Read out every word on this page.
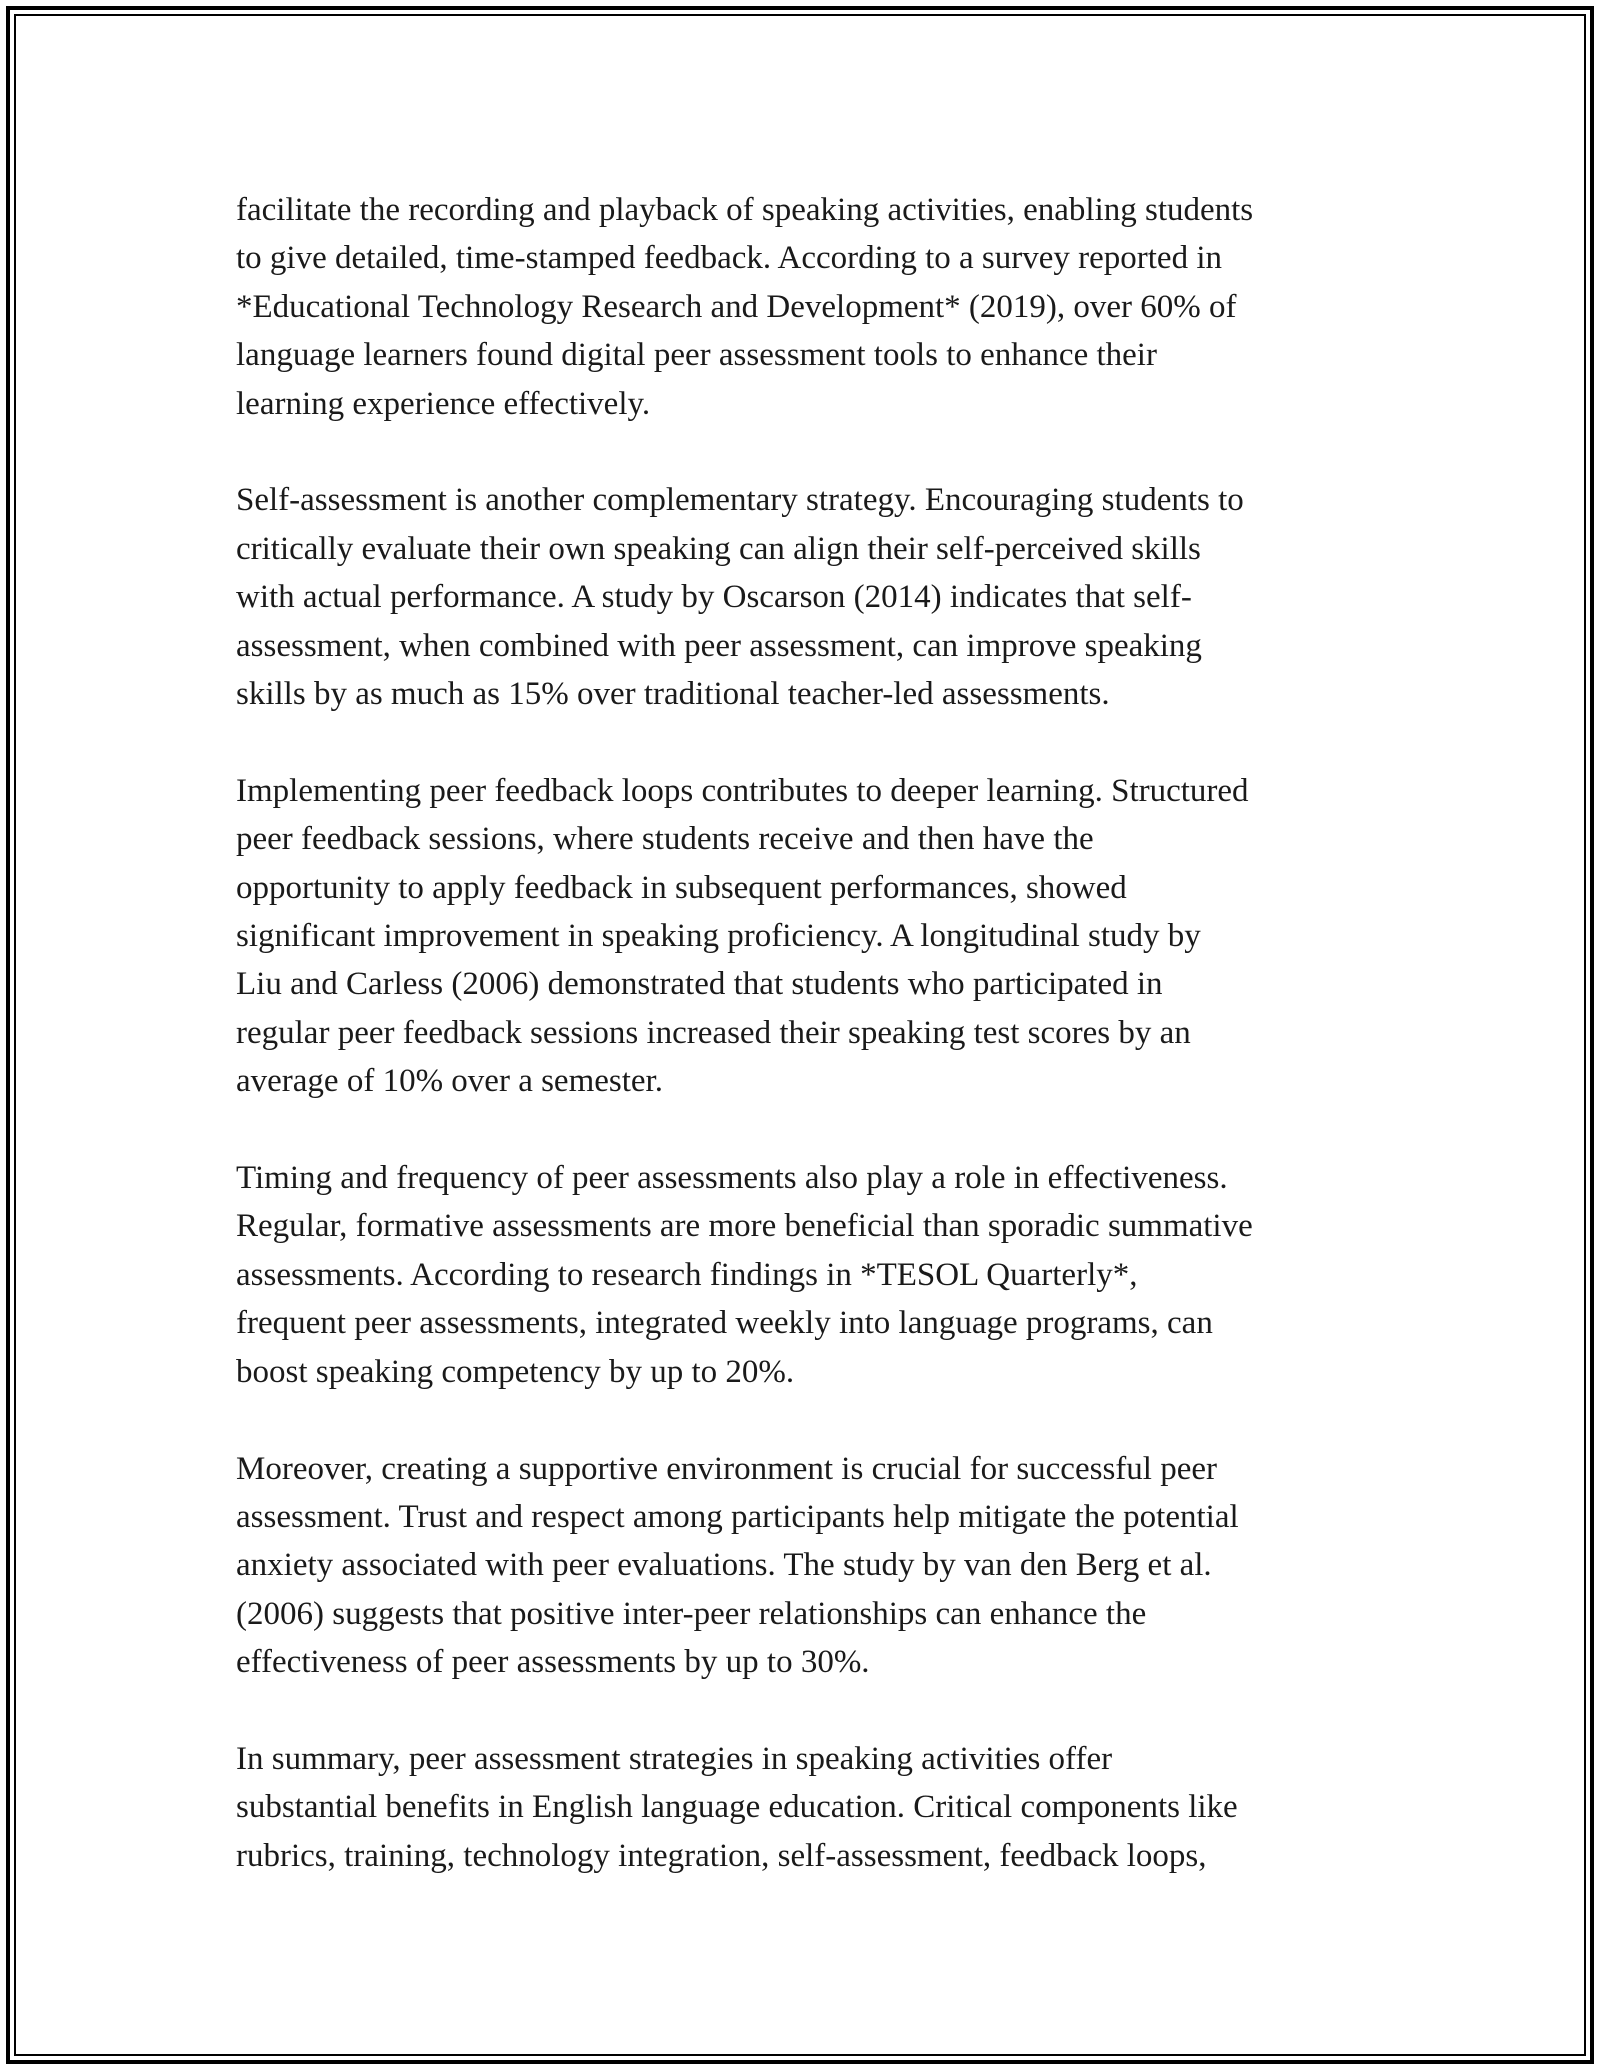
facilitate the recording and playback of speaking activities, enabling students
to give detailed, time-stamped feedback. According to a survey reported in
*Educational Technology Research and Development* (2019), over 60% of
language learners found digital peer assessment tools to enhance their
learning experience effectively.

Self-assessment is another complementary strategy. Encouraging students to
critically evaluate their own speaking can align their self-perceived skills
with actual performance. A study by Oscarson (2014) indicates that self-
assessment, when combined with peer assessment, can improve speaking
skills by as much as 15% over traditional teacher-led assessments.

Implementing peer feedback loops contributes to deeper learning. Structured
peer feedback sessions, where students receive and then have the
opportunity to apply feedback in subsequent performances, showed
significant improvement in speaking proficiency. A longitudinal study by
Liu and Carless (2006) demonstrated that students who participated in
regular peer feedback sessions increased their speaking test scores by an
average of 10% over a semester.

Timing and frequency of peer assessments also play a role in effectiveness.
Regular, formative assessments are more beneficial than sporadic summative
assessments. According to research findings in *TESOL Quarterly*,
frequent peer assessments, integrated weekly into language programs, can
boost speaking competency by up to 20%.

Moreover, creating a supportive environment is crucial for successful peer
assessment. Trust and respect among participants help mitigate the potential
anxiety associated with peer evaluations. The study by van den Berg et al.
(2006) suggests that positive inter-peer relationships can enhance the
effectiveness of peer assessments by up to 30%.

In summary, peer assessment strategies in speaking activities offer
substantial benefits in English language education. Critical components like
rubrics, training, technology integration, self-assessment, feedback loops,
